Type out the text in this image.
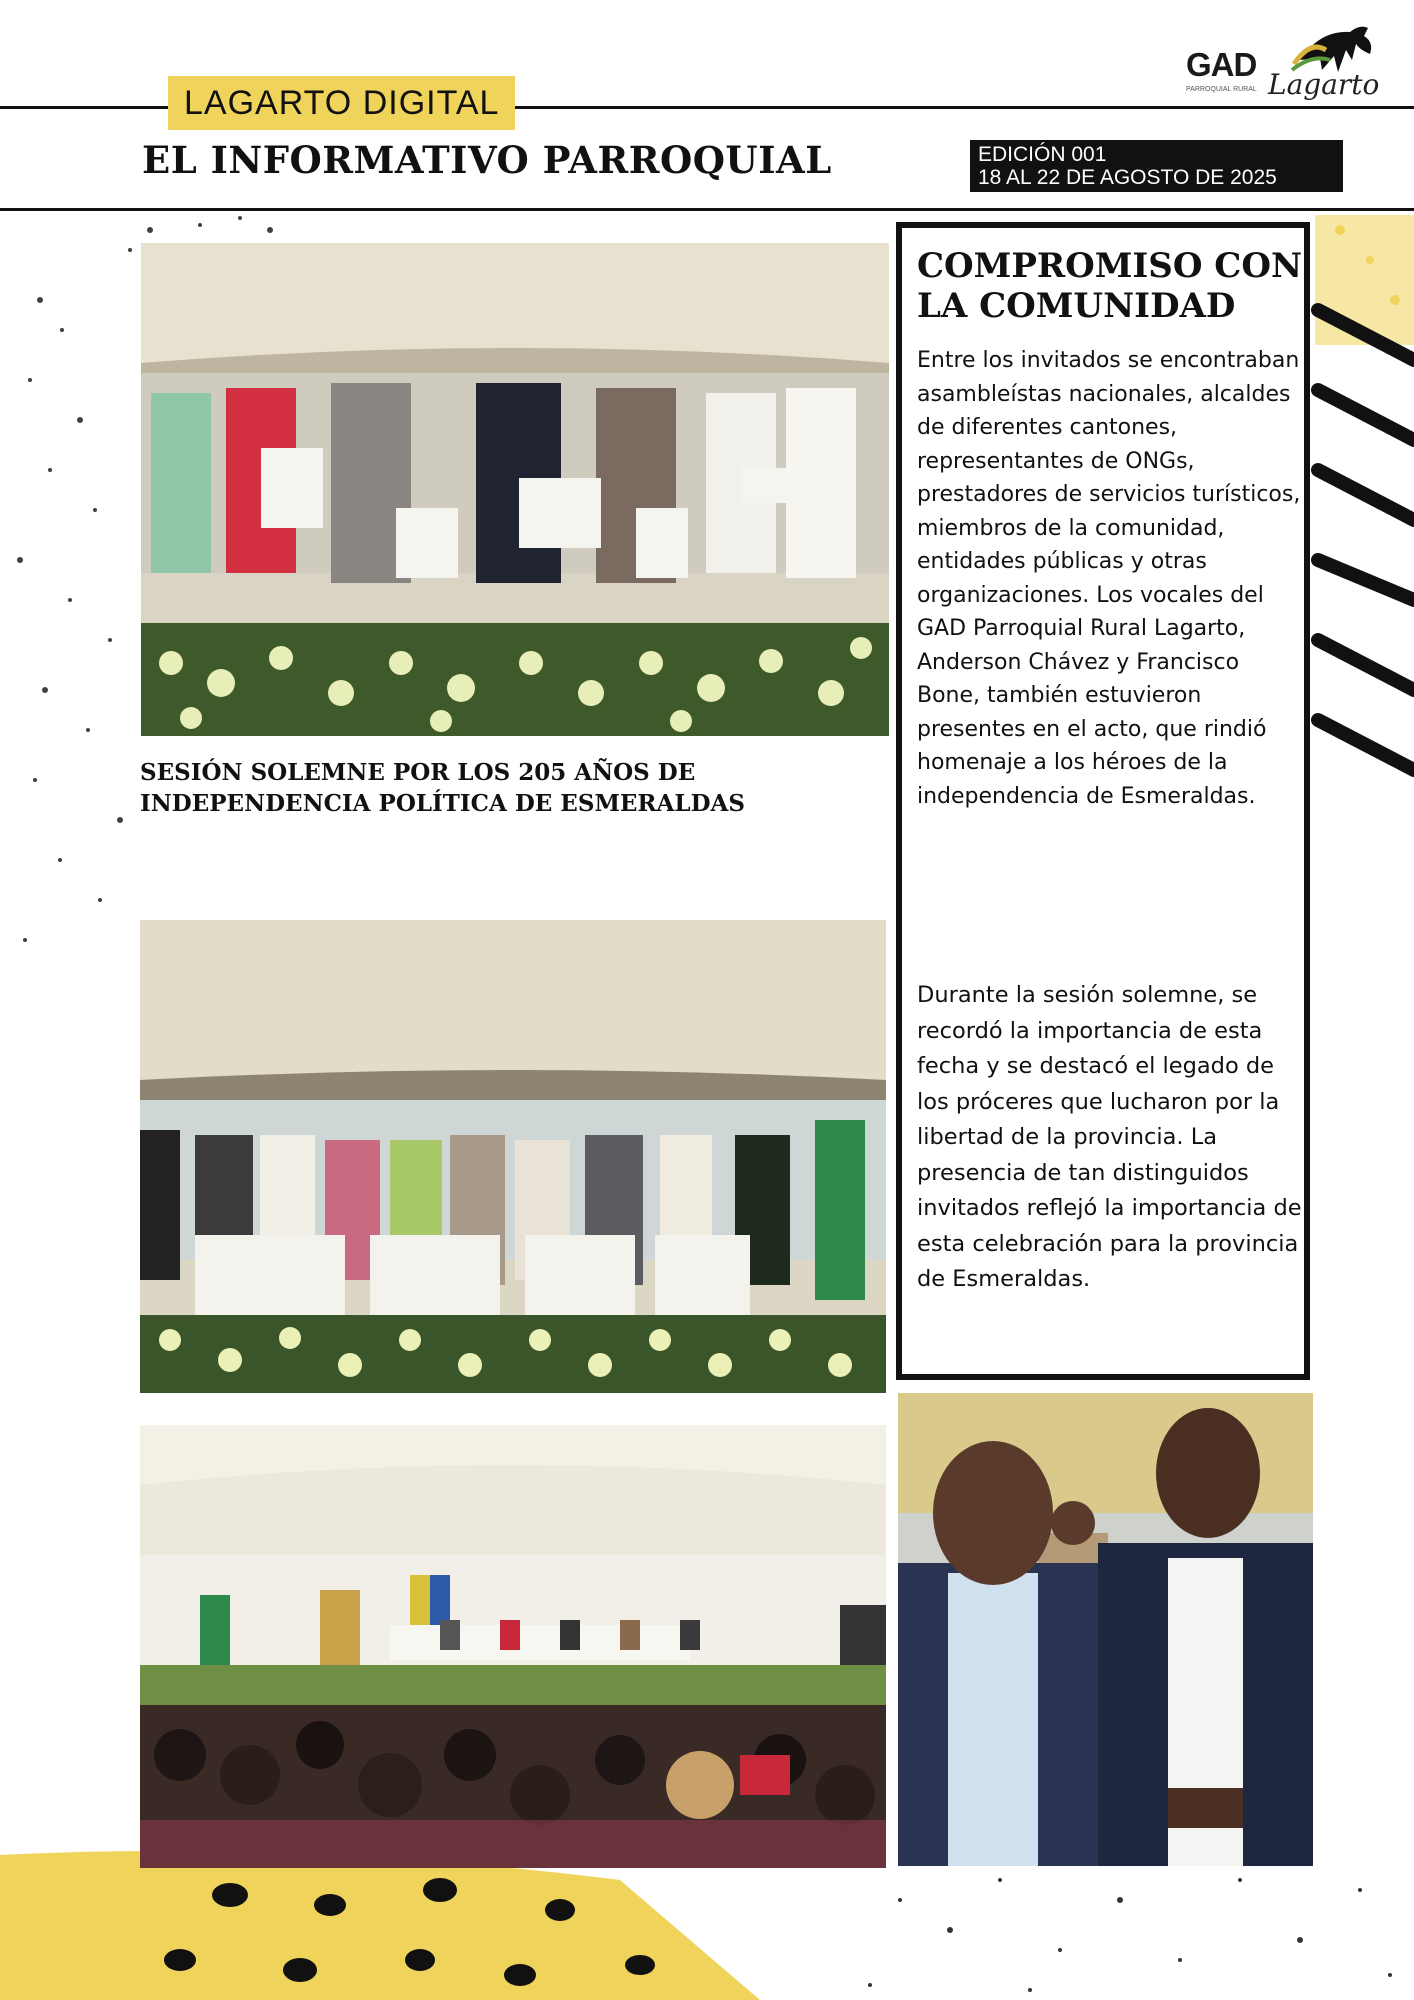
LAGARTO DIGITAL
EL INFORMATIVO PARROQUIAL	EDICIÓN 001
18 AL 22 DE AGOSTO DE 2025
GAD
PARROQUIAL RURAL Lagarto
SESIÓN SOLEMNE POR LOS 205 AÑOS DE INDEPENDENCIA POLÍTICA DE ESMERALDAS
COMPROMISO CON LA COMUNIDAD
Entre los invitados se encontraban asambleístas nacionales, alcaldes de diferentes cantones, representantes de ONGs, prestadores de servicios turísticos, miembros de la comunidad, entidades públicas y otras organizaciones. Los vocales del GAD Parroquial Rural Lagarto, Anderson Chávez y Francisco Bone, también estuvieron presentes en el acto, que rindió homenaje a los héroes de la independencia de Esmeraldas.
Durante la sesión solemne, se recordó la importancia de esta fecha y se destacó el legado de los próceres que lucharon por la libertad de la provincia. La presencia de tan distinguidos invitados reflejó la importancia de esta celebración para la provincia de Esmeraldas.
